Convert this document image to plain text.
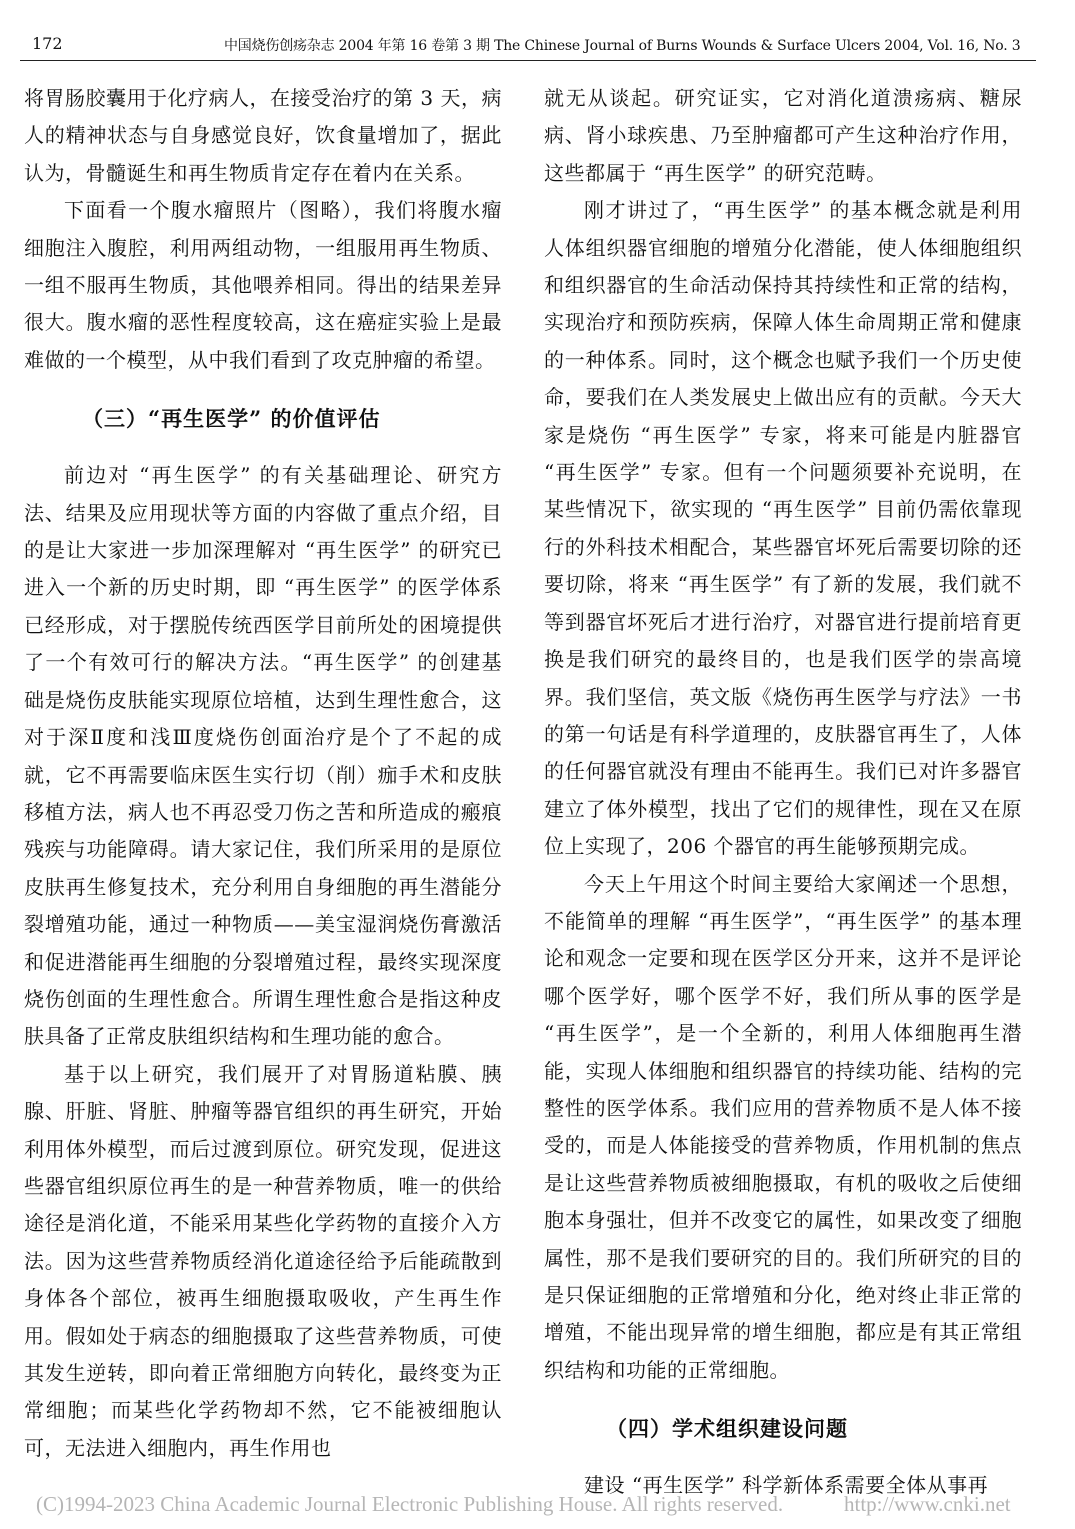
172	中国烧伤创疡杂志 2004 年第 16 卷第 3 期 The Chinese Journal of Burns Wounds & Surface Ulcers 2004, Vol. 16, No. 3

将胃肠胶囊用于化疗病人，在接受治疗的第 3 天，病人的精神状态与自身感觉良好，饮食量增加了，据此认为，骨髓诞生和再生物质肯定存在着内在关系。

下面看一个腹水瘤照片（图略），我们将腹水瘤细胞注入腹腔，利用两组动物，一组服用再生物质、一组不服再生物质，其他喂养相同。得出的结果差异很大。腹水瘤的恶性程度较高，这在癌症实验上是最难做的一个模型，从中我们看到了攻克肿瘤的希望。

（三）“再生医学” 的价值评估

前边对 “再生医学” 的有关基础理论、研究方法、结果及应用现状等方面的内容做了重点介绍，目的是让大家进一步加深理解对 “再生医学” 的研究已进入一个新的历史时期，即 “再生医学” 的医学体系已经形成，对于摆脱传统西医学目前所处的困境提供了一个有效可行的解决方法。“再生医学” 的创建基础是烧伤皮肤能实现原位培植，达到生理性愈合，这对于深Ⅱ度和浅Ⅲ度烧伤创面治疗是个了不起的成就，它不再需要临床医生实行切（削）痂手术和皮肤移植方法，病人也不再忍受刀伤之苦和所造成的瘢痕残疾与功能障碍。请大家记住，我们所采用的是原位皮肤再生修复技术，充分利用自身细胞的再生潜能分裂增殖功能，通过一种物质——美宝湿润烧伤膏激活和促进潜能再生细胞的分裂增殖过程，最终实现深度烧伤创面的生理性愈合。所谓生理性愈合是指这种皮肤具备了正常皮肤组织结构和生理功能的愈合。

基于以上研究，我们展开了对胃肠道粘膜、胰腺、肝脏、肾脏、肿瘤等器官组织的再生研究，开始利用体外模型，而后过渡到原位。研究发现，促进这些器官组织原位再生的是一种营养物质，唯一的供给途径是消化道，不能采用某些化学药物的直接介入方法。因为这些营养物质经消化道途径给予后能疏散到身体各个部位，被再生细胞摄取吸收，产生再生作用。假如处于病态的细胞摄取了这些营养物质，可使其发生逆转，即向着正常细胞方向转化，最终变为正常细胞；而某些化学药物却不然，它不能被细胞认可，无法进入细胞内，再生作用也

就无从谈起。研究证实，它对消化道溃疡病、糖尿病、肾小球疾患、乃至肿瘤都可产生这种治疗作用，这些都属于 “再生医学” 的研究范畴。

刚才讲过了，“再生医学” 的基本概念就是利用人体组织器官细胞的增殖分化潜能，使人体细胞组织和组织器官的生命活动保持其持续性和正常的结构，实现治疗和预防疾病，保障人体生命周期正常和健康的一种体系。同时，这个概念也赋予我们一个历史使命，要我们在人类发展史上做出应有的贡献。今天大家是烧伤 “再生医学” 专家，将来可能是内脏器官 “再生医学” 专家。但有一个问题须要补充说明，在某些情况下，欲实现的 “再生医学” 目前仍需依靠现行的外科技术相配合，某些器官坏死后需要切除的还要切除，将来 “再生医学” 有了新的发展，我们就不等到器官坏死后才进行治疗，对器官进行提前培育更换是我们研究的最终目的，也是我们医学的崇高境界。我们坚信，英文版《烧伤再生医学与疗法》一书的第一句话是有科学道理的，皮肤器官再生了，人体的任何器官就没有理由不能再生。我们已对许多器官建立了体外模型，找出了它们的规律性，现在又在原位上实现了，206 个器官的再生能够预期完成。

今天上午用这个时间主要给大家阐述一个思想，不能简单的理解 “再生医学”，“再生医学” 的基本理论和观念一定要和现在医学区分开来，这并不是评论哪个医学好，哪个医学不好，我们所从事的医学是 “再生医学”，是一个全新的，利用人体细胞再生潜能，实现人体细胞和组织器官的持续功能、结构的完整性的医学体系。我们应用的营养物质不是人体不接受的，而是人体能接受的营养物质，作用机制的焦点是让这些营养物质被细胞摄取，有机的吸收之后使细胞本身强壮，但并不改变它的属性，如果改变了细胞属性，那不是我们要研究的目的。我们所研究的目的是只保证细胞的正常增殖和分化，绝对终止非正常的增殖，不能出现异常的增生细胞，都应是有其正常组织结构和功能的正常细胞。

（四）学术组织建设问题

建设 “再生医学” 科学新体系需要全体从事再

(C)1994-2023 China Academic Journal Electronic Publishing House. All rights reserved.	http://www.cnki.net
